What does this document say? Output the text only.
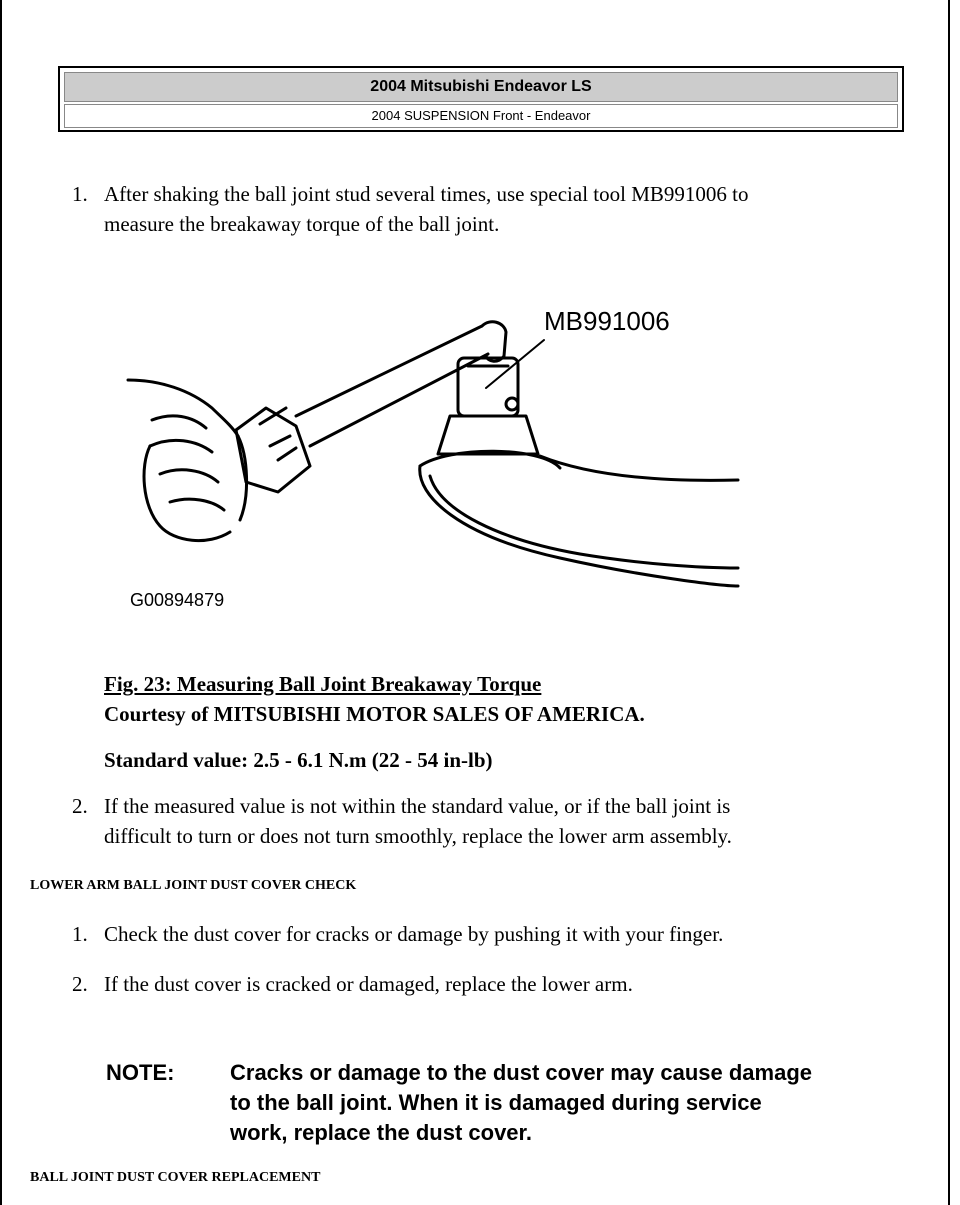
2004 Mitsubishi Endeavor LS
2004 SUSPENSION Front - Endeavor
1. After shaking the ball joint stud several times, use special tool MB991006 to
measure the breakaway torque of the ball joint.
MB991006
G00894879
Fig. 23: Measuring Ball Joint Breakaway Torque
Courtesy of MITSUBISHI MOTOR SALES OF AMERICA.
Standard value: 2.5 - 6.1 N.m (22 - 54 in-lb)
2. If the measured value is not within the standard value, or if the ball joint is
difficult to turn or does not turn smoothly, replace the lower arm assembly.
LOWER ARM BALL JOINT DUST COVER CHECK
1. Check the dust cover for cracks or damage by pushing it with your finger.
2. If the dust cover is cracked or damaged, replace the lower arm.
NOTE:	Cracks or damage to the dust cover may cause damage
to the ball joint. When it is damaged during service
work, replace the dust cover.
BALL JOINT DUST COVER REPLACEMENT
